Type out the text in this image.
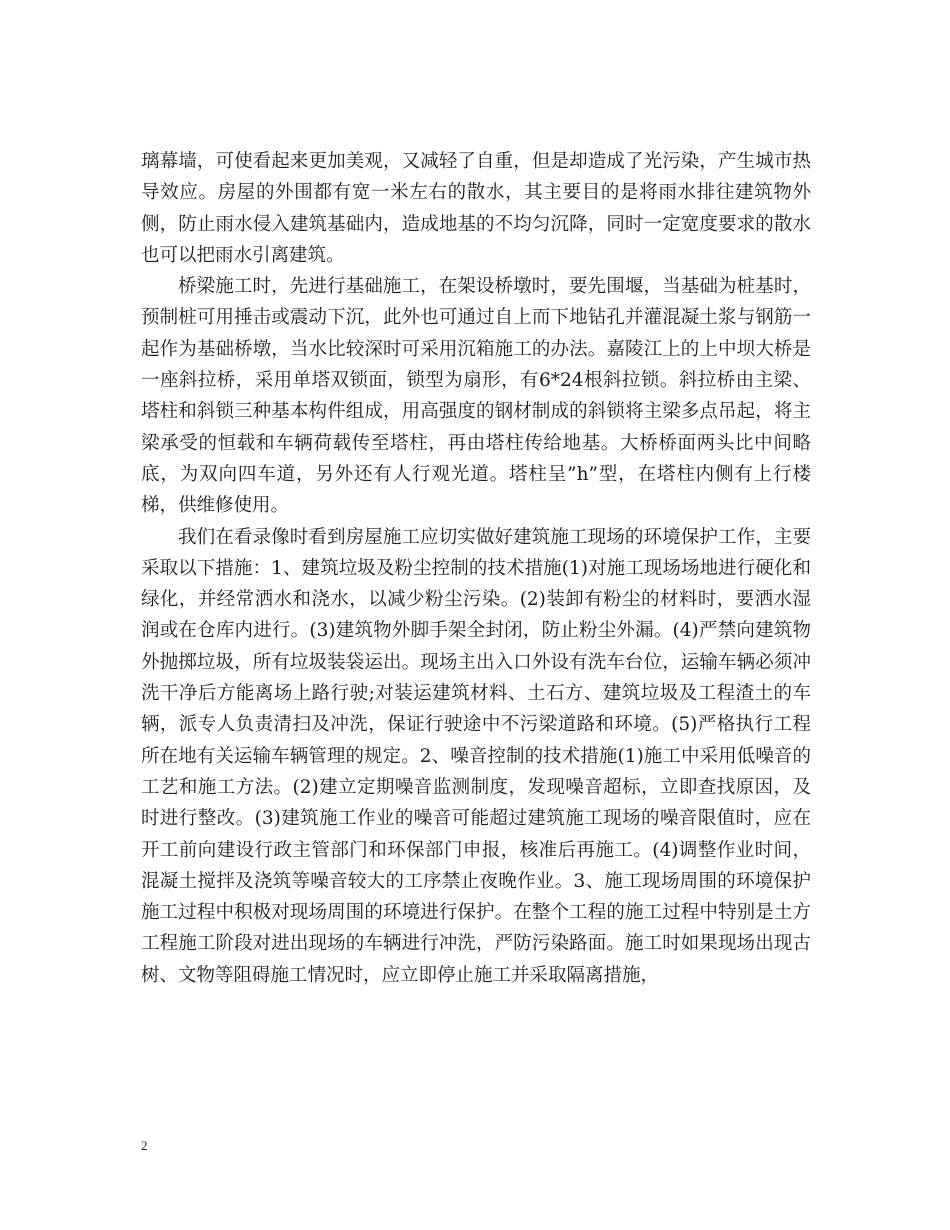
璃幕墙，可使看起来更加美观，又减轻了自重，但是却造成了光污染，产生城市热导效应。房屋的外围都有宽一米左右的散水，其主要目的是将雨水排往建筑物外侧，防止雨水侵入建筑基础内，造成地基的不均匀沉降，同时一定宽度要求的散水也可以把雨水引离建筑。

桥梁施工时，先进行基础施工，在架设桥墩时，要先围堰，当基础为桩基时，预制桩可用捶击或震动下沉，此外也可通过自上而下地钻孔并灌混凝土浆与钢筋一起作为基础桥墩，当水比较深时可采用沉箱施工的办法。嘉陵江上的上中坝大桥是一座斜拉桥，采用单塔双锁面，锁型为扇形，有6*24根斜拉锁。斜拉桥由主梁、塔柱和斜锁三种基本构件组成，用高强度的钢材制成的斜锁将主梁多点吊起，将主梁承受的恒载和车辆荷载传至塔柱，再由塔柱传给地基。大桥桥面两头比中间略底，为双向四车道，另外还有人行观光道。塔柱呈”h”型，在塔柱内侧有上行楼梯，供维修使用。

我们在看录像时看到房屋施工应切实做好建筑施工现场的环境保护工作，主要采取以下措施：1、建筑垃圾及粉尘控制的技术措施(1)对施工现场场地进行硬化和绿化，并经常洒水和浇水，以减少粉尘污染。(2)装卸有粉尘的材料时，要洒水湿润或在仓库内进行。(3)建筑物外脚手架全封闭，防止粉尘外漏。(4)严禁向建筑物外抛掷垃圾，所有垃圾装袋运出。现场主出入口外设有洗车台位，运输车辆必须冲洗干净后方能离场上路行驶;对装运建筑材料、土石方、建筑垃圾及工程渣土的车辆，派专人负责清扫及冲洗，保证行驶途中不污梁道路和环境。(5)严格执行工程所在地有关运输车辆管理的规定。2、噪音控制的技术措施(1)施工中采用低噪音的工艺和施工方法。(2)建立定期噪音监测制度，发现噪音超标，立即查找原因，及时进行整改。(3)建筑施工作业的噪音可能超过建筑施工现场的噪音限值时，应在开工前向建设行政主管部门和环保部门申报，核准后再施工。(4)调整作业时间，混凝土搅拌及浇筑等噪音较大的工序禁止夜晚作业。3、施工现场周围的环境保护施工过程中积极对现场周围的环境进行保护。在整个工程的施工过程中特别是土方工程施工阶段对进出现场的车辆进行冲洗，严防污染路面。施工时如果现场出现古树、文物等阻碍施工情况时，应立即停止施工并采取隔离措施，

2
